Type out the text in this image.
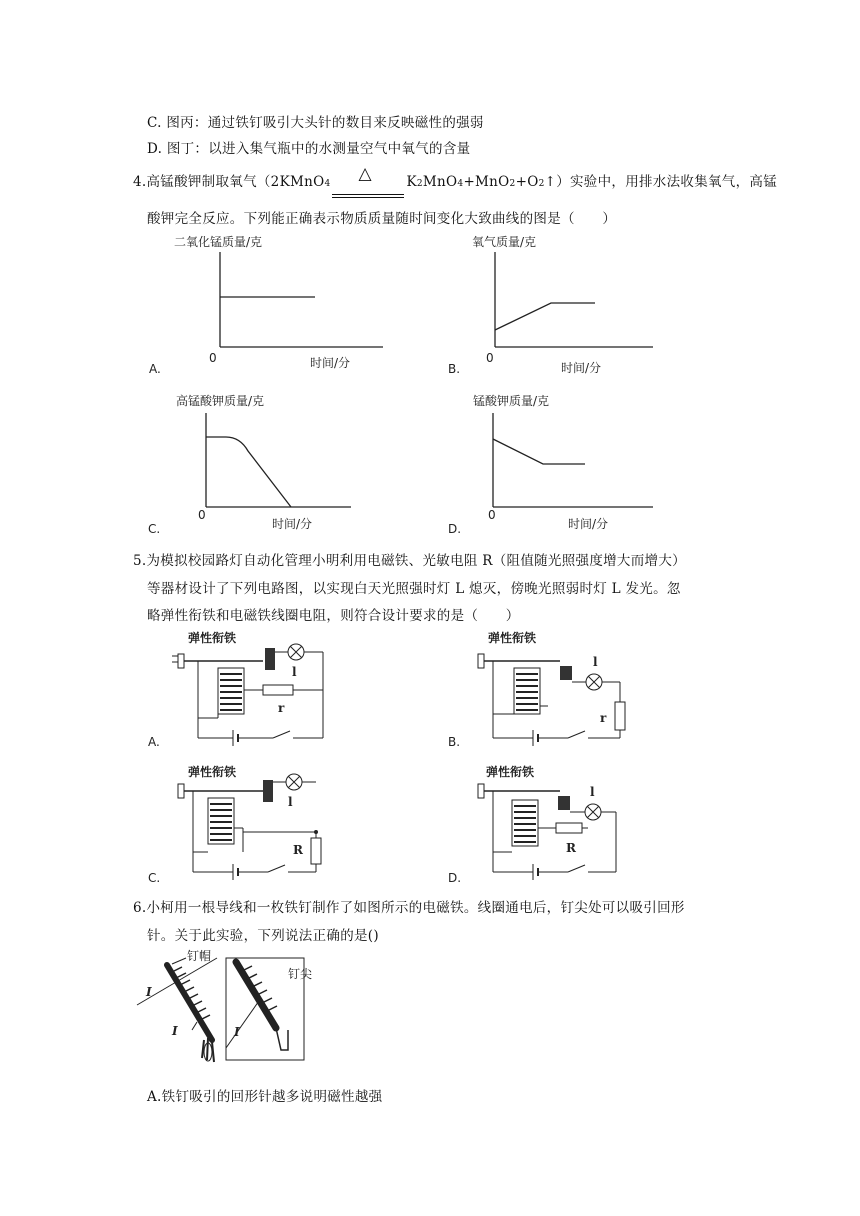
C. 图丙：通过铁钉吸引大头针的数目来反映磁性的强弱
D. 图丁：以进入集气瓶中的水测量空气中氧气的含量
4.高锰酸钾制取氧气（2KMnO4 △	K2MnO4+MnO2+O2↑）实验中，用排水法收集氧气，高锰
酸钾完全反应。下列能正确表示物质质量随时间变化大致曲线的图是（　　）
二氧化锰质量/克
0	时间/分
A.
氧气质量/克
0
时间/分
B.
高锰酸钾质量/克
0
时间/分
C.
锰酸钾质量/克
0
时间/分
D.
5.为模拟校园路灯自动化管理小明利用电磁铁、光敏电阻 R（阻值随光照强度增大而增大）
等器材设计了下列电路图，以实现白天光照强时灯 L 熄灭，傍晚光照弱时灯 L 发光。忽
略弹性衔铁和电磁铁线圈电阻，则符合设计要求的是（　　）
弹性衔铁
l
r
A.
弹性衔铁
l
r
B.
弹性衔铁
l
R
C.
弹性衔铁
l
R
D.
6.小柯用一根导线和一枚铁钉制作了如图所示的电磁铁。线圈通电后，钉尖处可以吸引回形
针。关于此实验，下列说法正确的是()
I
I
钉帽
I
钉尖
A.铁钉吸引的回形针越多说明磁性越强
